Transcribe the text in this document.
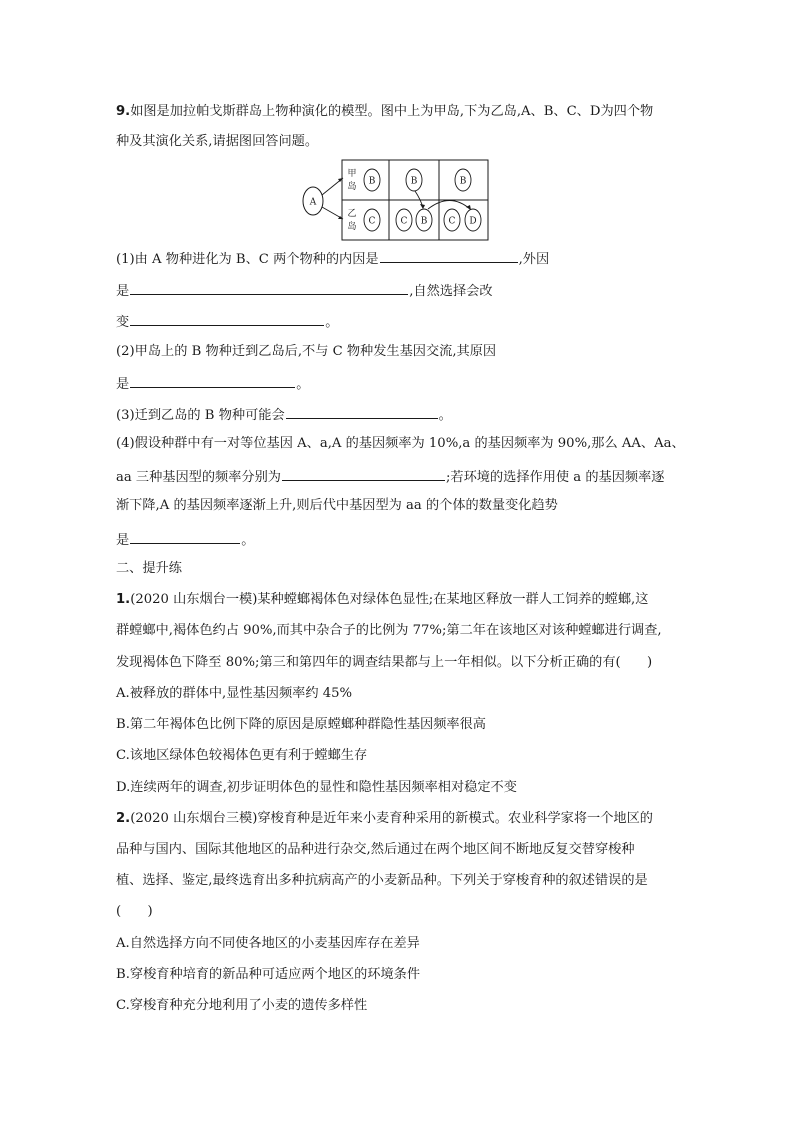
9.如图是加拉帕戈斯群岛上物种演化的模型。图中上为甲岛,下为乙岛,A、B、C、D为四个物
种及其演化关系,请据图回答问题。
A
甲
岛
乙
岛
B	B	B
C	C B C D
(1)由 A 物种进化为 B、C 两个物种的内因是	,外因
是	,自然选择会改
变	。
(2)甲岛上的 B 物种迁到乙岛后,不与 C 物种发生基因交流,其原因
是	。
(3)迁到乙岛的 B 物种可能会	。
(4)假设种群中有一对等位基因 A、a,A 的基因频率为 10%,a 的基因频率为 90%,那么 AA、Aa、
aa 三种基因型的频率分别为	;若环境的选择作用使 a 的基因频率逐
渐下降,A 的基因频率逐渐上升,则后代中基因型为 aa 的个体的数量变化趋势
是	。
二、提升练
1.(2020 山东烟台一模)某种螳螂褐体色对绿体色显性;在某地区释放一群人工饲养的螳螂,这
群螳螂中,褐体色约占 90%,而其中杂合子的比例为 77%;第二年在该地区对该种螳螂进行调查,
发现褐体色下降至 80%;第三和第四年的调查结果都与上一年相似。以下分析正确的有(　　)
A.被释放的群体中,显性基因频率约 45%
B.第二年褐体色比例下降的原因是原螳螂种群隐性基因频率很高
C.该地区绿体色较褐体色更有利于螳螂生存
D.连续两年的调查,初步证明体色的显性和隐性基因频率相对稳定不变
2.(2020 山东烟台三模)穿梭育种是近年来小麦育种采用的新模式。农业科学家将一个地区的
品种与国内、国际其他地区的品种进行杂交,然后通过在两个地区间不断地反复交替穿梭种
植、选择、鉴定,最终选育出多种抗病高产的小麦新品种。下列关于穿梭育种的叙述错误的是
(　　)
A.自然选择方向不同使各地区的小麦基因库存在差异
B.穿梭育种培育的新品种可适应两个地区的环境条件
C.穿梭育种充分地利用了小麦的遗传多样性
